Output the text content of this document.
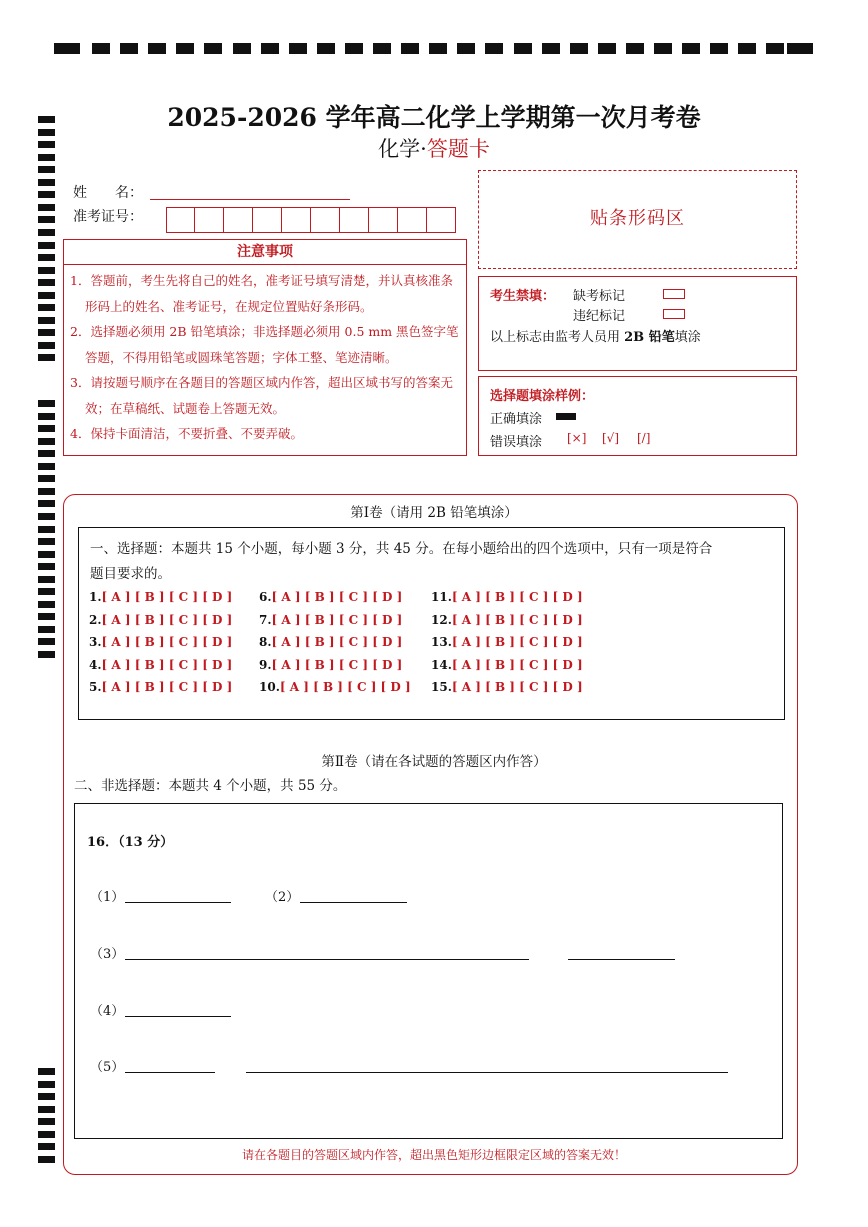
2025-2026 学年高二化学上学期第一次月考卷
化学·答题卡
姓　　名：
准考证号：	贴条形码区
注意事项
1．答题前，考生先将自己的姓名，准考证号填写清楚，并认真核准条形码上的姓名、准考证号，在规定位置贴好条形码。
2．选择题必须用 2B 铅笔填涂；非选择题必须用 0.5 mm 黑色签字笔答题，不得用铅笔或圆珠笔答题；字体工整、笔迹清晰。
3．请按题号顺序在各题目的答题区域内作答，超出区域书写的答案无效；在草稿纸、试题卷上答题无效。
4．保持卡面清洁，不要折叠、不要弄破。
考生禁填： 缺考标记
违纪标记
以上标志由监考人员用 2B 铅笔填涂
选择题填涂样例：
正确填涂
错误填涂 [×] [√] [/]
第Ⅰ卷（请用 2B 铅笔填涂）
一、选择题：本题共 15 个小题，每小题 3 分，共 45 分。在每小题给出的四个选项中，只有一项是符合
题目要求的。
1.[ A ] [ B ] [ C ] [ D ]
2.[ A ] [ B ] [ C ] [ D ]
3.[ A ] [ B ] [ C ] [ D ]
4.[ A ] [ B ] [ C ] [ D ]
5.[ A ] [ B ] [ C ] [ D ]
6.[ A ] [ B ] [ C ] [ D ]
7.[ A ] [ B ] [ C ] [ D ]
8.[ A ] [ B ] [ C ] [ D ]
9.[ A ] [ B ] [ C ] [ D ]
10.[ A ] [ B ] [ C ] [ D ]
11.[ A ] [ B ] [ C ] [ D ]
12.[ A ] [ B ] [ C ] [ D ]
13.[ A ] [ B ] [ C ] [ D ]
14.[ A ] [ B ] [ C ] [ D ]
15.[ A ] [ B ] [ C ] [ D ]
第Ⅱ卷（请在各试题的答题区内作答）
二、非选择题：本题共 4 个小题，共 55 分。
16．（13 分）
（1）	（2）
（3）
（4）
（5）
请在各题目的答题区域内作答，超出黑色矩形边框限定区域的答案无效！
